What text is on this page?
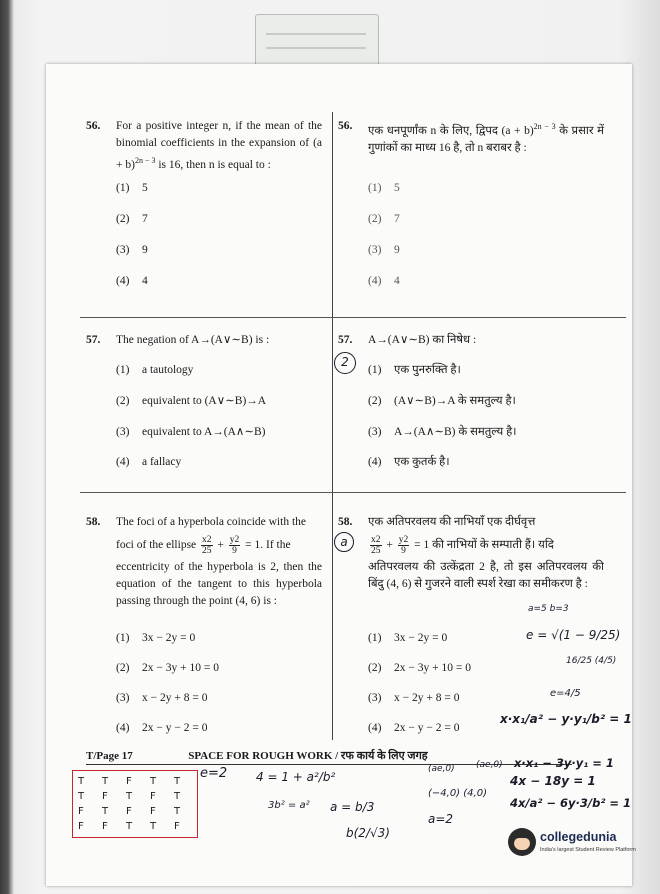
56. For a positive integer n, if the mean of the binomial coefficients in the expansion of $(a + b)^{2n - 3}$ is 16, then n is equal to :
(1) 5
(2) 7
(3) 9
(4) 4
56. एक धनपूर्णांक n के लिए, द्विपद $(a + b)^{2n - 3}$ के प्रसार में गुणांकों का माध्य 16 है, तो n बराबर है :
(1) 5
(2) 7
(3) 9
(4) 4
57. The negation of A→(A∨∼B) is :
(1) a tautology
(2) equivalent to (A∨∼B)→A
(3) equivalent to A→(A∧∼B)
(4) a fallacy
57. A→(A∨∼B) का निषेध :
(1) एक पुनरुक्ति है।
(2) (A∨∼B)→A के समतुल्य है।
(3) A→(A∧∼B) के समतुल्य है।
(4) एक कुतर्क है।
2
58. The foci of a hyperbola coincide with the
foci of the ellipse $\frac{x2}{25} + \frac{y2}{9} = 1$. If the
eccentricity of the hyperbola is 2, then the equation of the tangent to this hyperbola passing through the point (4, 6) is :
(1) 3x − 2y = 0
(2) 2x − 3y + 10 = 0
(3) x − 2y + 8 = 0
(4) 2x − y − 2 = 0
58. एक अतिपरवलय की नाभियाँ एक दीर्घवृत्त
$\frac{x2}{25} + \frac{y2}{9} = 1$ की नाभियों के सम्पाती हैं। यदि
अतिपरवलय की उत्केंद्रता 2 है, तो इस अतिपरवलय की बिंदु (4, 6) से गुजरने वाली स्पर्श रेखा का समीकरण है :
(1) 3x − 2y = 0
(2) 2x − 3y + 10 = 0
(3) x − 2y + 8 = 0
(4) 2x − y − 2 = 0
a
a=5 b=3
e = √(1 − 9/25)
16/25 (4/5)
e=4/5
x·x₁/a² − y·y₁/b² = 1
T/Page 17	SPACE FOR ROUGH WORK / रफ कार्य के लिए जगह
T T F T T
T F T F T
F T F F T
F F T T F
e=2 4 = 1 + a²/b²
3b² = a² a = b/3
b(2/√3)
(ae,0)
(−4,0) (4,0)
a=2
(ae,0) x·x₁ − 3y·y₁ = 1
4x − 18y = 1
4x/a² − 6y·3/b² = 1
collegedunia
India's largest Student Review Platform
